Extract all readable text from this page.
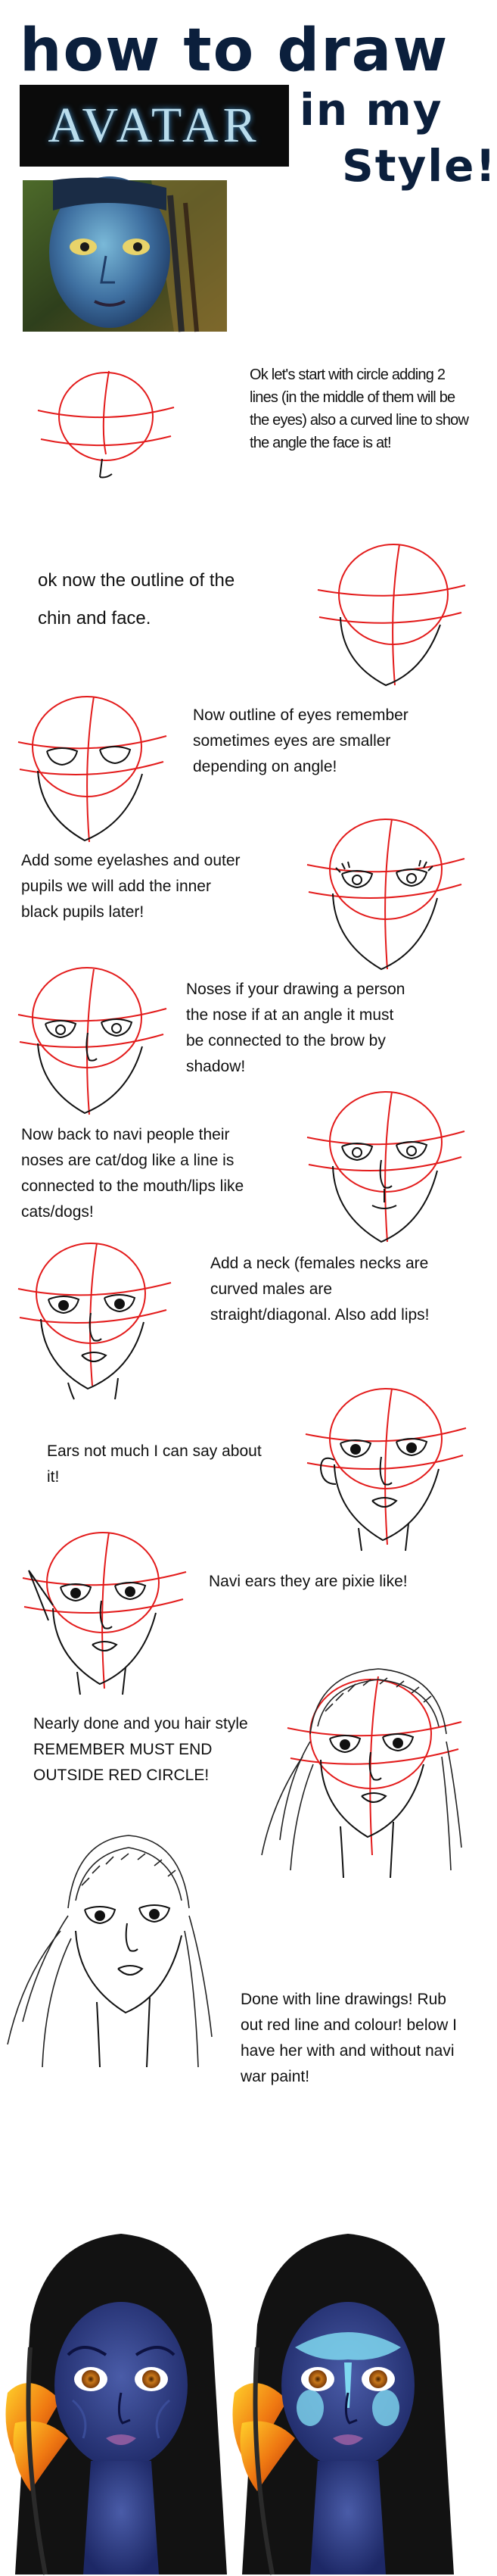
how to draw
AVATAR in my
Style!
Ok let's start with circle adding 2 lines (in the middle of them will be the eyes) also a curved line to show the angle the face is at!
ok now the outline of the chin and face.
Now outline of eyes remember sometimes eyes are smaller depending on angle!
Add some eyelashes and outer pupils we will add the inner black pupils later!
Noses if your drawing a person the nose if at an angle it must be connected to the brow by shadow!
Now back to navi people their noses are cat/dog like a line is connected to the mouth/lips like cats/dogs!
Add a neck (females necks are curved males are straight/diagonal. Also add lips!
Ears not much I can say about it!
Navi ears they are pixie like!
Nearly done and you hair style REMEMBER MUST END OUTSIDE RED CIRCLE!
Done with line drawings! Rub out red line and colour! below I have her with and without navi war paint!
